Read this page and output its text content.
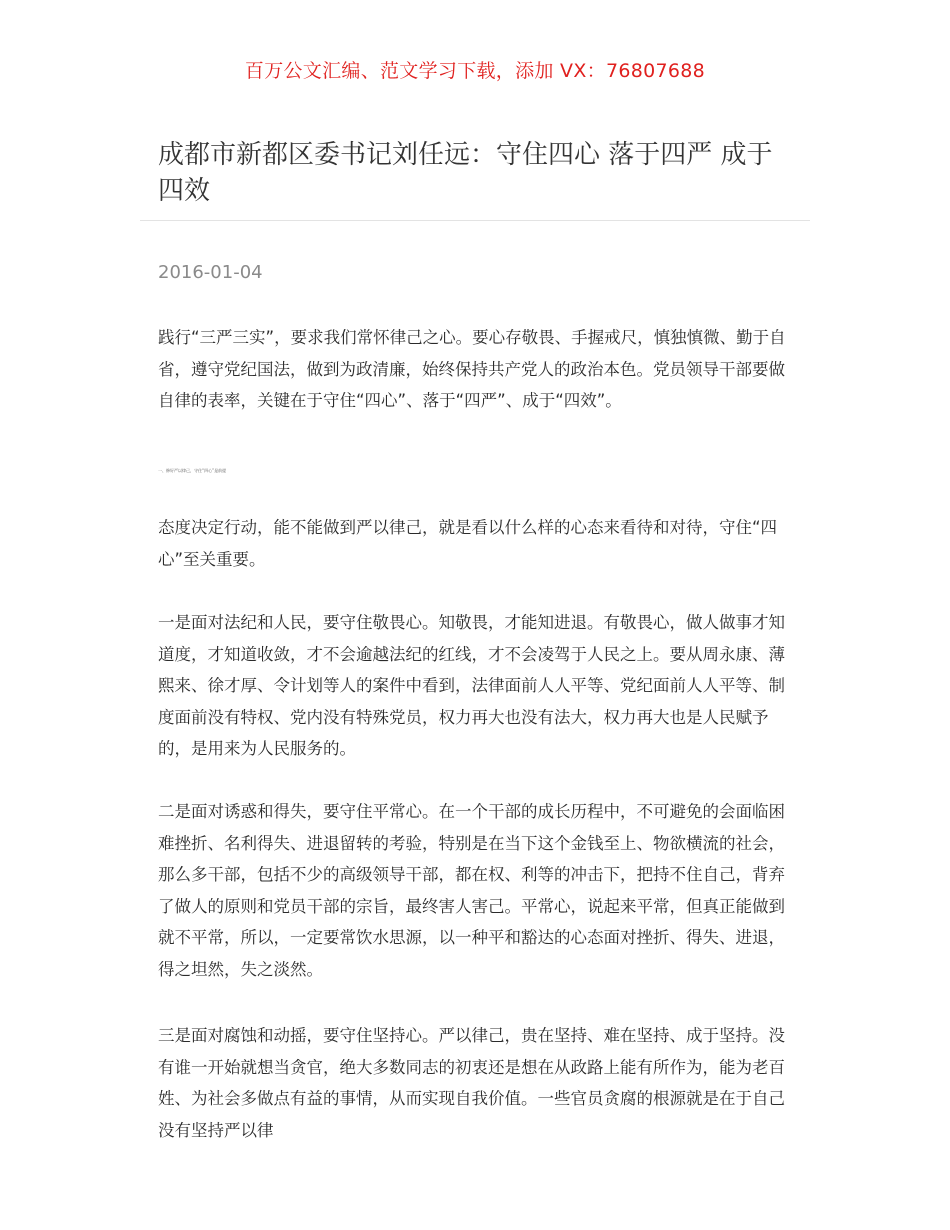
百万公文汇编、范文学习下载，添加 VX：76807688
成都市新都区委书记刘任远：守住四心 落于四严 成于四效
2016-01-04

践行“三严三实”，要求我们常怀律己之心。要心存敬畏、手握戒尺，慎独慎微、勤于自省，遵守党纪国法，做到为政清廉，始终保持共产党人的政治本色。党员领导干部要做自律的表率，关键在于守住“四心”、落于“四严”、成于“四效”。

一、修好严以律己，守住“四心”是前提

态度决定行动，能不能做到严以律己，就是看以什么样的心态来看待和对待，守住“四心”至关重要。

一是面对法纪和人民，要守住敬畏心。知敬畏，才能知进退。有敬畏心，做人做事才知道度，才知道收敛，才不会逾越法纪的红线，才不会凌驾于人民之上。要从周永康、薄熙来、徐才厚、令计划等人的案件中看到，法律面前人人平等、党纪面前人人平等、制度面前没有特权、党内没有特殊党员，权力再大也没有法大，权力再大也是人民赋予的，是用来为人民服务的。

二是面对诱惑和得失，要守住平常心。在一个干部的成长历程中，不可避免的会面临困难挫折、名利得失、进退留转的考验，特别是在当下这个金钱至上、物欲横流的社会，那么多干部，包括不少的高级领导干部，都在权、利等的冲击下，把持不住自己，背弃了做人的原则和党员干部的宗旨，最终害人害己。平常心，说起来平常，但真正能做到就不平常，所以，一定要常饮水思源，以一种平和豁达的心态面对挫折、得失、进退，得之坦然，失之淡然。

三是面对腐蚀和动摇，要守住坚持心。严以律己，贵在坚持、难在坚持、成于坚持。没有谁一开始就想当贪官，绝大多数同志的初衷还是想在从政路上能有所作为，能为老百姓、为社会多做点有益的事情，从而实现自我价值。一些官员贪腐的根源就是在于自己没有坚持严以律
